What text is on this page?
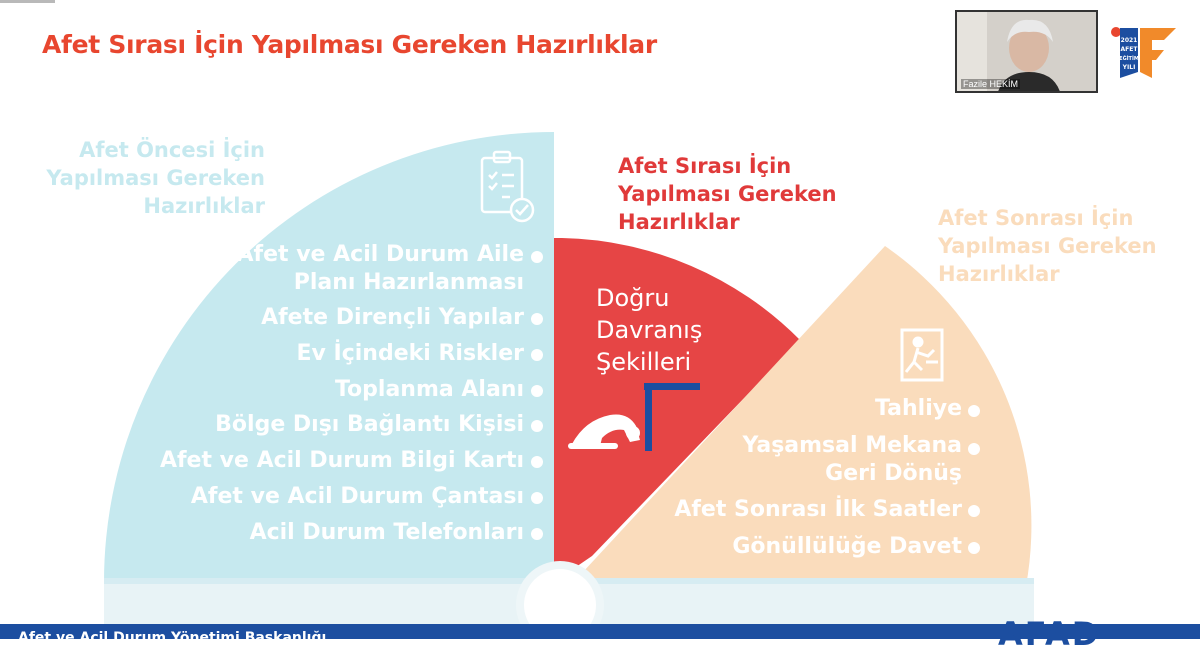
Afet Sırası İçin Yapılması Gereken Hazırlıklar
Afet Öncesi İçin
Yapılması Gereken
Hazırlıklar
Afet Sırası İçin
Yapılması Gereken
Hazırlıklar	Afet Sonrası İçin
Yapılması Gereken
Hazırlıklar
Afet ve Acil Durum Aile
Planı Hazırlanması
Afete Dirençli Yapılar
Ev İçindeki Riskler
Toplanma Alanı
Bölge Dışı Bağlantı Kişisi
Afet ve Acil Durum Bilgi Kartı
Afet ve Acil Durum Çantası
Acil Durum Telefonları
Doğru
Davranış
Şekilleri
Tahliye
Yaşamsal Mekana
Geri Dönüş
Afet Sonrası İlk Saatler
Gönüllülüğe Davet
Fazile HEKİM
2021
AFET
EĞİTİM
YILI
Afet ve Acil Durum Yönetimi Başkanlığı	AFAD
